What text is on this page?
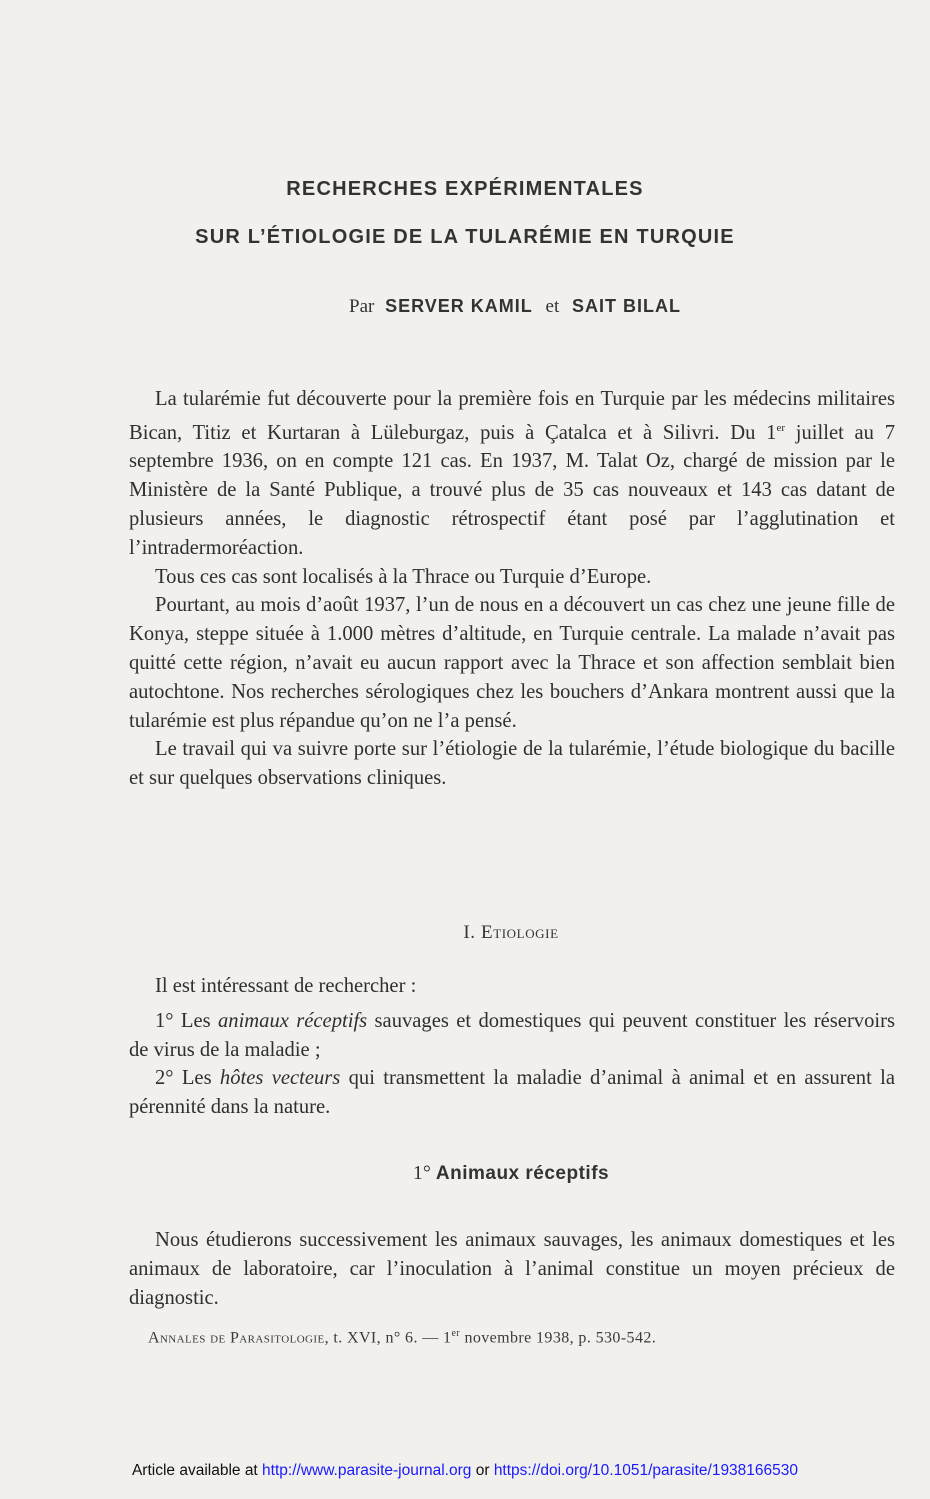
RECHERCHES EXPÉRIMENTALES
SUR L’ÉTIOLOGIE DE LA TULARÉMIE EN TURQUIE
Par SERVER KAMIL et SAIT BILAL

La tularémie fut découverte pour la première fois en Turquie par les médecins militaires Bican, Titiz et Kurtaran à Lüleburgaz, puis à Çatalca et à Silivri. Du 1er juillet au 7 septembre 1936, on en compte 121 cas. En 1937, M. Talat Oz, chargé de mission par le Ministère de la Santé Publique, a trouvé plus de 35 cas nouveaux et 143 cas datant de plusieurs années, le diagnostic rétrospectif étant posé par l’agglutination et l’intradermoréaction.

Tous ces cas sont localisés à la Thrace ou Turquie d’Europe.

Pourtant, au mois d’août 1937, l’un de nous en a découvert un cas chez une jeune fille de Konya, steppe située à 1.000 mètres d’altitude, en Turquie centrale. La malade n’avait pas quitté cette région, n’avait eu aucun rapport avec la Thrace et son affection semblait bien autochtone. Nos recherches sérologiques chez les bouchers d’Ankara montrent aussi que la tularémie est plus répandue qu’on ne l’a pensé.

Le travail qui va suivre porte sur l’étiologie de la tularémie, l’étude biologique du bacille et sur quelques observations cliniques.

I. Etiologie

Il est intéressant de rechercher :

1° Les animaux réceptifs sauvages et domestiques qui peuvent constituer les réservoirs de virus de la maladie ;

2° Les hôtes vecteurs qui transmettent la maladie d’animal à animal et en assurent la pérennité dans la nature.

1° Animaux réceptifs

Nous étudierons successivement les animaux sauvages, les animaux domestiques et les animaux de laboratoire, car l’inoculation à l’animal constitue un moyen précieux de diagnostic.

Annales de Parasitologie, t. XVI, n° 6. — 1er novembre 1938, p. 530-542.
Article available at http://www.parasite-journal.org or https://doi.org/10.1051/parasite/1938166530
